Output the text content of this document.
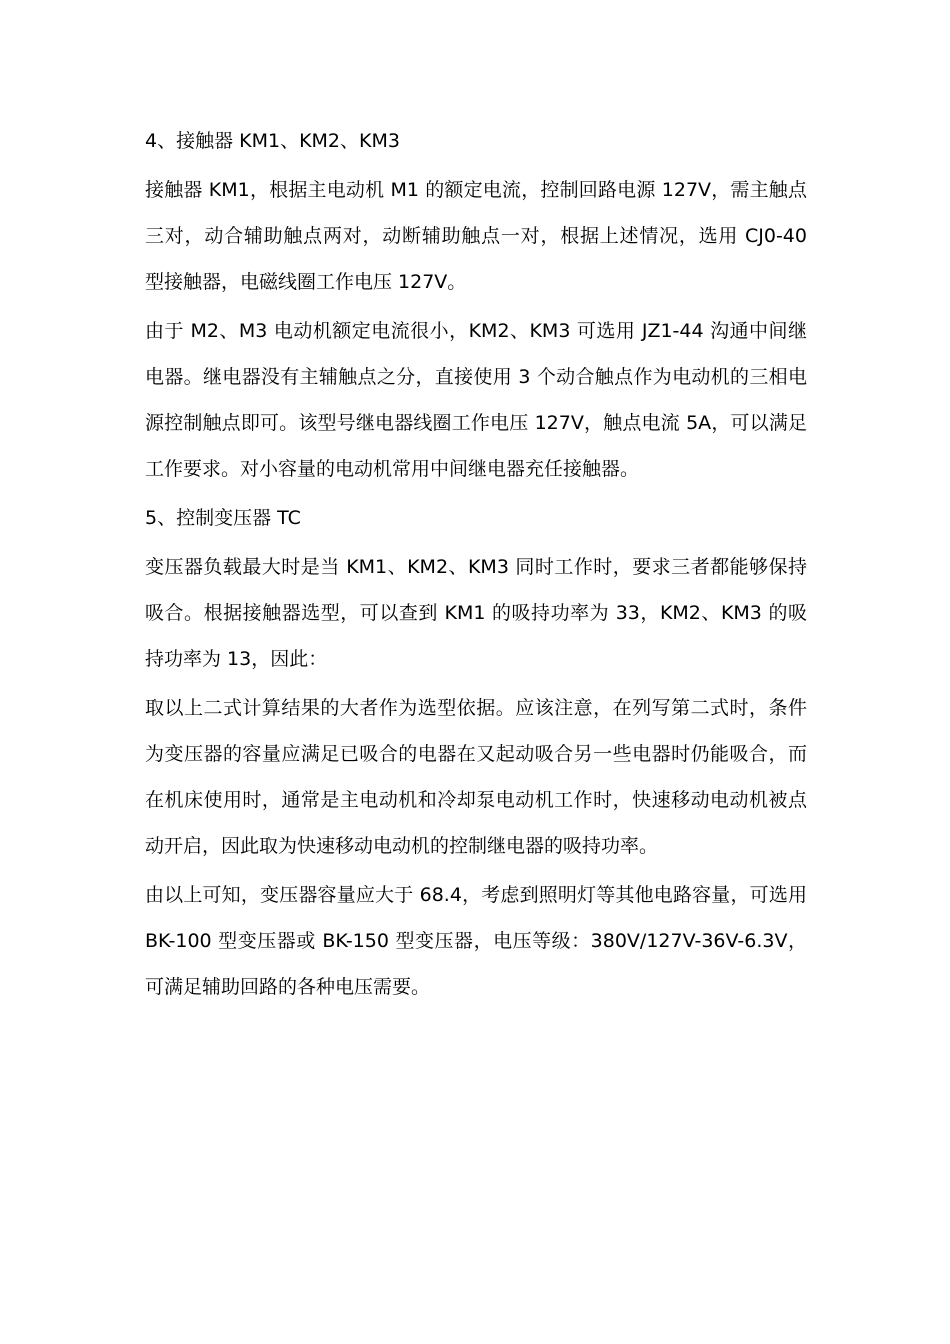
4、接触器 KM1、KM2、KM3

接触器 KM1，根据主电动机 M1 的额定电流，控制回路电源 127V，需主触点三对，动合辅助触点两对，动断辅助触点一对，根据上述情况，选用 CJ0-40 型接触器，电磁线圈工作电压 127V。

由于 M2、M3 电动机额定电流很小，KM2、KM3 可选用 JZ1-44 沟通中间继电器。继电器没有主辅触点之分，直接使用 3 个动合触点作为电动机的三相电源控制触点即可。该型号继电器线圈工作电压 127V，触点电流 5A，可以满足工作要求。对小容量的电动机常用中间继电器充任接触器。

5、控制变压器 TC

变压器负载最大时是当 KM1、KM2、KM3 同时工作时，要求三者都能够保持吸合。根据接触器选型，可以查到 KM1 的吸持功率为 33，KM2、KM3 的吸持功率为 13，因此：

取以上二式计算结果的大者作为选型依据。应该注意，在列写第二式时，条件为变压器的容量应满足已吸合的电器在又起动吸合另一些电器时仍能吸合，而在机床使用时，通常是主电动机和冷却泵电动机工作时，快速移动电动机被点动开启，因此取为快速移动电动机的控制继电器的吸持功率。

由以上可知，变压器容量应大于 68.4，考虑到照明灯等其他电路容量，可选用 BK-100 型变压器或 BK-150 型变压器，电压等级：380V/127V-36V-6.3V，可满足辅助回路的各种电压需要。
